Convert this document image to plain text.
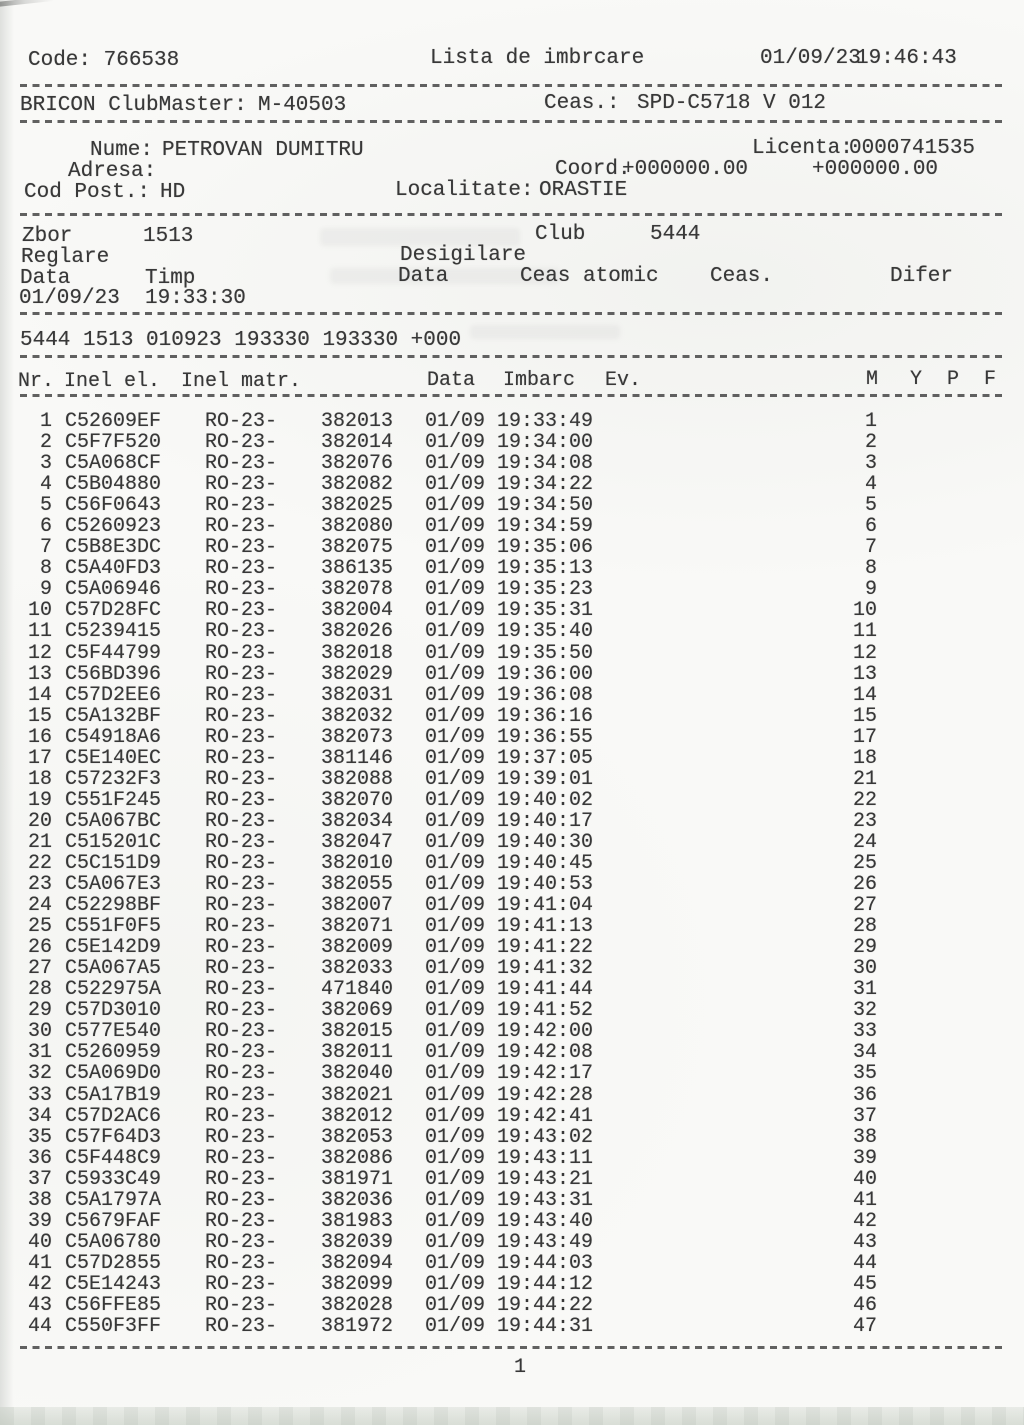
Code: 766538	Lista de imbrcare	01/09/23
19:46:43
BRICON ClubMaster: M-40503	Ceas.: SPD-C5718 V 012
Nume: PETROVAN DUMITRU	Licenta:
0000741535
Adresa:	Coord.
+000000.00	+000000.00
Cod Post.: HD	Localitate: ORASTIE
Zbor	1513	Club	5444
Reglare	Desigilare
Data	Timp	Data	Ceas atomic Ceas.	Difer
01/09/23 19:33:30
5444 1513 010923 193330 193330 +000
Nr. Inel el. Inel matr.	Data Imbarc Ev.	M Y P F
1 C52609EF RO-23- 382013 01/09 19:33:49	1
2 C5F7F520 RO-23- 382014 01/09 19:34:00	2
3 C5A068CF RO-23- 382076 01/09 19:34:08	3
4 C5B04880 RO-23- 382082 01/09 19:34:22	4
5 C56F0643 RO-23- 382025 01/09 19:34:50	5
6 C5260923 RO-23- 382080 01/09 19:34:59	6
7 C5B8E3DC RO-23- 382075 01/09 19:35:06	7
8 C5A40FD3 RO-23- 386135 01/09 19:35:13	8
9 C5A06946 RO-23- 382078 01/09 19:35:23	9
10 C57D28FC RO-23- 382004 01/09 19:35:31	10
11 C5239415 RO-23- 382026 01/09 19:35:40	11
12 C5F44799 RO-23- 382018 01/09 19:35:50	12
13 C56BD396 RO-23- 382029 01/09 19:36:00	13
14 C57D2EE6 RO-23- 382031 01/09 19:36:08	14
15 C5A132BF RO-23- 382032 01/09 19:36:16	15
16 C54918A6 RO-23- 382073 01/09 19:36:55	17
17 C5E140EC RO-23- 381146 01/09 19:37:05	18
18 C57232F3 RO-23- 382088 01/09 19:39:01	21
19 C551F245 RO-23- 382070 01/09 19:40:02	22
20 C5A067BC RO-23- 382034 01/09 19:40:17	23
21 C515201C RO-23- 382047 01/09 19:40:30	24
22 C5C151D9 RO-23- 382010 01/09 19:40:45	25
23 C5A067E3 RO-23- 382055 01/09 19:40:53	26
24 C52298BF RO-23- 382007 01/09 19:41:04	27
25 C551F0F5 RO-23- 382071 01/09 19:41:13	28
26 C5E142D9 RO-23- 382009 01/09 19:41:22	29
27 C5A067A5 RO-23- 382033 01/09 19:41:32	30
28 C522975A RO-23- 471840 01/09 19:41:44	31
29 C57D3010 RO-23- 382069 01/09 19:41:52	32
30 C577E540 RO-23- 382015 01/09 19:42:00	33
31 C5260959 RO-23- 382011 01/09 19:42:08	34
32 C5A069D0 RO-23- 382040 01/09 19:42:17	35
33 C5A17B19 RO-23- 382021 01/09 19:42:28	36
34 C57D2AC6 RO-23- 382012 01/09 19:42:41	37
35 C57F64D3 RO-23- 382053 01/09 19:43:02	38
36 C5F448C9 RO-23- 382086 01/09 19:43:11	39
37 C5933C49 RO-23- 381971 01/09 19:43:21	40
38 C5A1797A RO-23- 382036 01/09 19:43:31	41
39 C5679FAF RO-23- 381983 01/09 19:43:40	42
40 C5A06780 RO-23- 382039 01/09 19:43:49	43
41 C57D2855 RO-23- 382094 01/09 19:44:03	44
42 C5E14243 RO-23- 382099 01/09 19:44:12	45
43 C56FFE85 RO-23- 382028 01/09 19:44:22	46
44 C550F3FF RO-23- 381972 01/09 19:44:31	47
1
